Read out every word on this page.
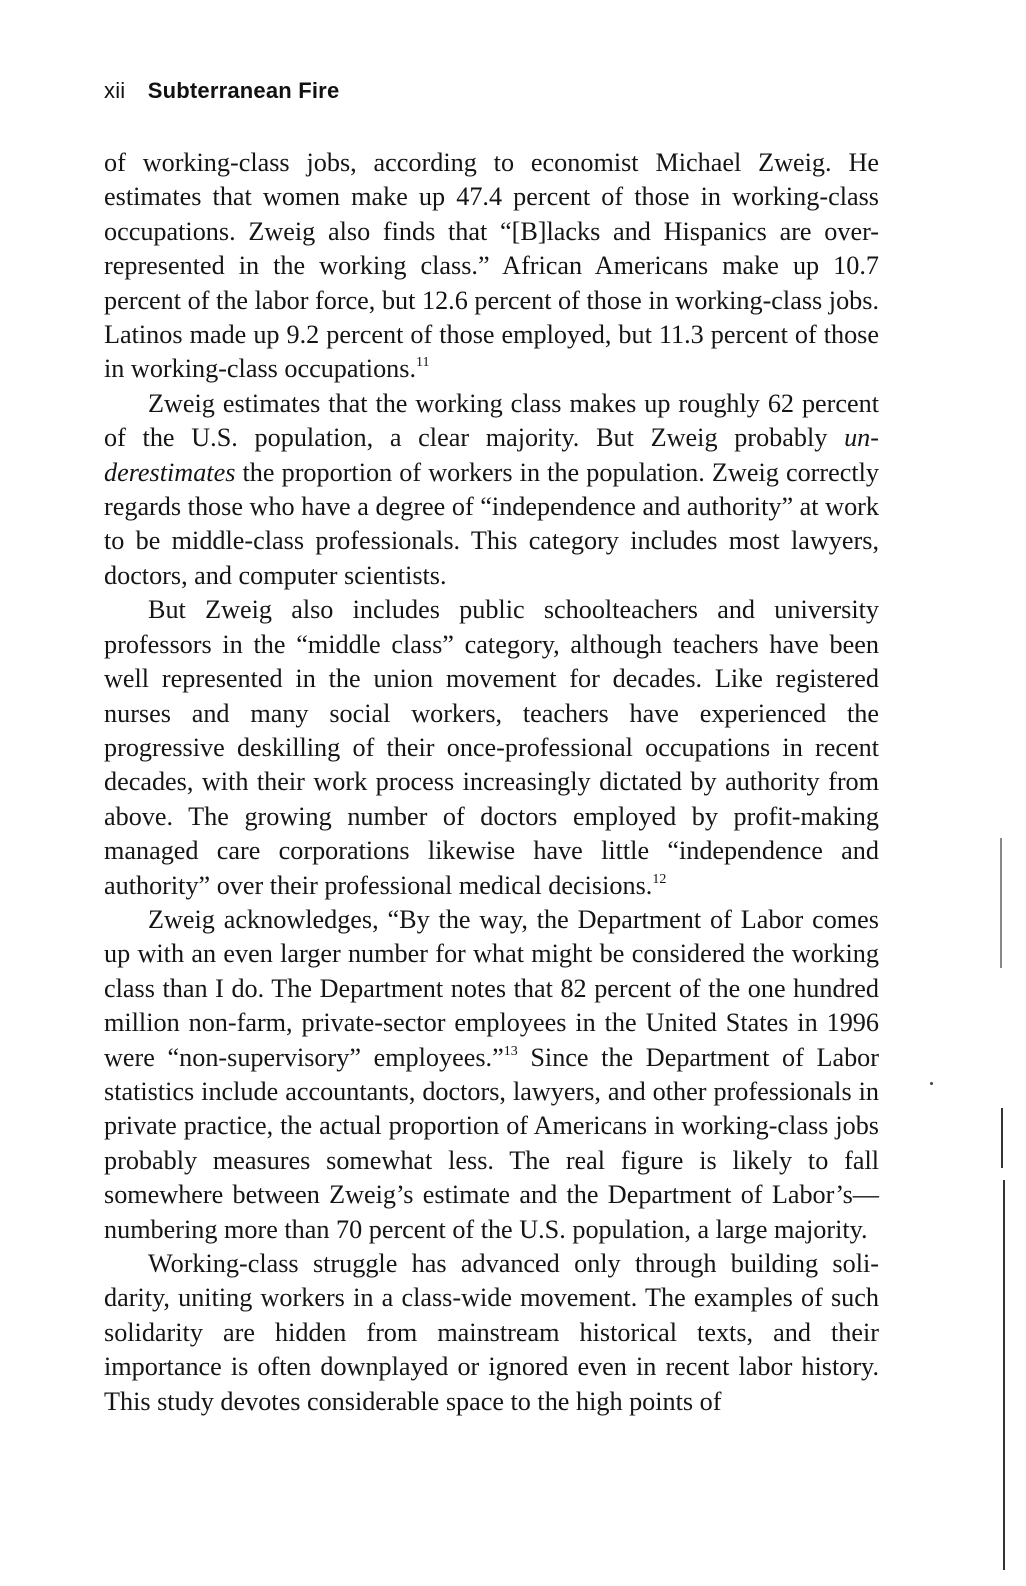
xii Subterranean Fire

of working-class jobs, according to economist Michael Zweig. He estimates that women make up 47.4 percent of those in working-class occupations. Zweig also finds that “[B]lacks and Hispanics are over-represented in the working class.” African Americans make up 10.7 percent of the labor force, but 12.6 percent of those in working-class jobs. Latinos made up 9.2 percent of those employed, but 11.3 percent of those in working-class occupations.$^{11}$

Zweig estimates that the working class makes up roughly 62 percent of the U.S. population, a clear majority. But Zweig probably underestimates the proportion of workers in the population. Zweig correctly regards those who have a degree of “independence and authority” at work to be middle-class professionals. This category includes most lawyers, doctors, and computer scientists.

But Zweig also includes public schoolteachers and university professors in the “middle class” category, although teachers have been well represented in the union movement for decades. Like registered nurses and many social workers, teachers have experienced the progressive deskilling of their once-professional occupations in recent decades, with their work process increasingly dictated by authority from above. The growing number of doctors employed by profit-making managed care corporations likewise have little “independence and authority” over their professional medical decisions.$^{12}$

Zweig acknowledges, “By the way, the Department of Labor comes up with an even larger number for what might be considered the working class than I do. The Department notes that 82 percent of the one hundred million non-farm, private-sector employees in the United States in 1996 were “non-supervisory” employees.”$^{13}$ Since the Department of Labor statistics include accountants, doctors, lawyers, and other professionals in private practice, the actual proportion of Americans in working-class jobs probably measures somewhat less. The real figure is likely to fall somewhere between Zweig’s estimate and the Department of Labor’s—numbering more than 70 percent of the U.S. population, a large majority.

Working-class struggle has advanced only through building solidarity, uniting workers in a class-wide movement. The examples of such solidarity are hidden from mainstream historical texts, and their importance is often downplayed or ignored even in recent labor history. This study devotes considerable space to the high points of
